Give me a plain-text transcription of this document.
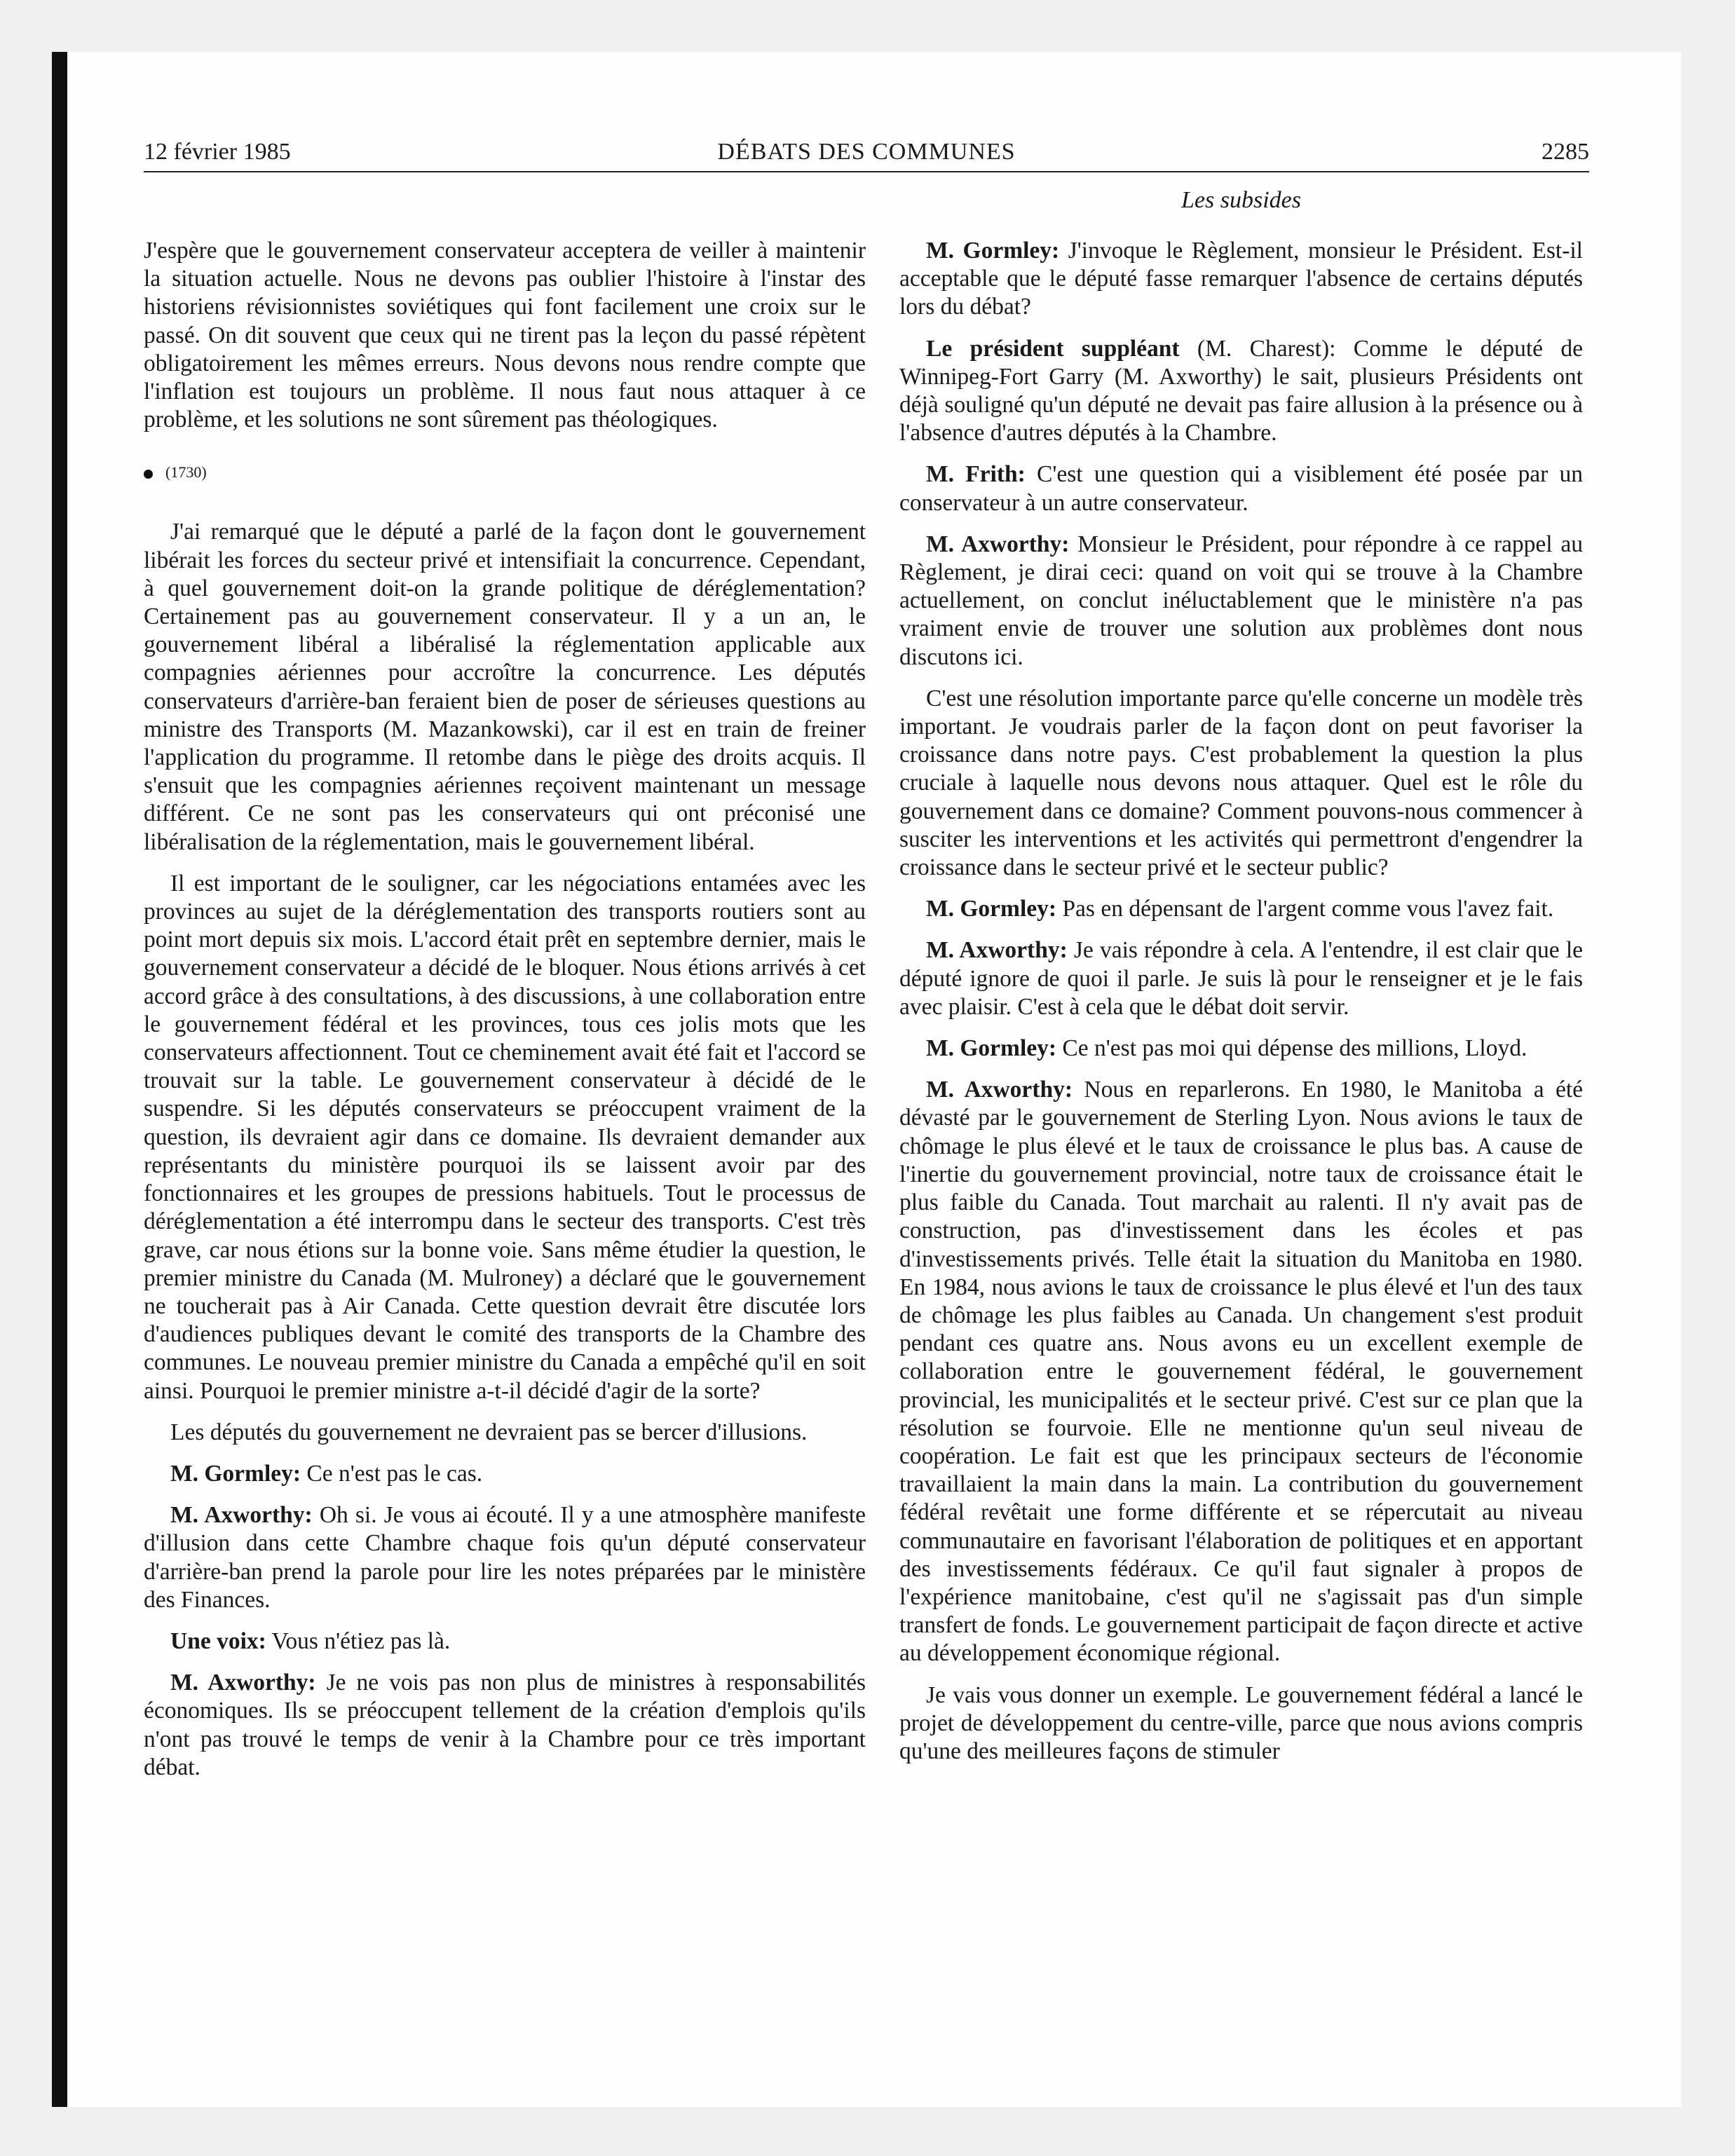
12 février 1985	DÉBATS DES COMMUNES	2285
Les subsides

J'espère que le gouvernement conservateur acceptera de veiller à maintenir la situation actuelle. Nous ne devons pas oublier l'histoire à l'instar des historiens révisionnistes soviétiques qui font facilement une croix sur le passé. On dit souvent que ceux qui ne tirent pas la leçon du passé répètent obligatoirement les mêmes erreurs. Nous devons nous rendre compte que l'inflation est toujours un problème. Il nous faut nous attaquer à ce problème, et les solutions ne sont sûrement pas théologiques.

(1730)

J'ai remarqué que le député a parlé de la façon dont le gouvernement libérait les forces du secteur privé et intensifiait la concurrence. Cependant, à quel gouvernement doit-on la grande politique de déréglementation? Certainement pas au gouvernement conservateur. Il y a un an, le gouvernement libéral a libéralisé la réglementation applicable aux compagnies aériennes pour accroître la concurrence. Les députés conservateurs d'arrière-ban feraient bien de poser de sérieuses questions au ministre des Transports (M. Mazankowski), car il est en train de freiner l'application du programme. Il retombe dans le piège des droits acquis. Il s'ensuit que les compagnies aériennes reçoivent maintenant un message différent. Ce ne sont pas les conservateurs qui ont préconisé une libéralisation de la réglementation, mais le gouvernement libéral.

Il est important de le souligner, car les négociations entamées avec les provinces au sujet de la déréglementation des transports routiers sont au point mort depuis six mois. L'accord était prêt en septembre dernier, mais le gouvernement conservateur a décidé de le bloquer. Nous étions arrivés à cet accord grâce à des consultations, à des discussions, à une collaboration entre le gouvernement fédéral et les provinces, tous ces jolis mots que les conservateurs affectionnent. Tout ce cheminement avait été fait et l'accord se trouvait sur la table. Le gouvernement conservateur à décidé de le suspendre. Si les députés conservateurs se préoccupent vraiment de la question, ils devraient agir dans ce domaine. Ils devraient demander aux représentants du ministère pourquoi ils se laissent avoir par des fonctionnaires et les groupes de pressions habituels. Tout le processus de déréglementation a été interrompu dans le secteur des transports. C'est très grave, car nous étions sur la bonne voie. Sans même étudier la question, le premier ministre du Canada (M. Mulroney) a déclaré que le gouvernement ne toucherait pas à Air Canada. Cette question devrait être discutée lors d'audiences publiques devant le comité des transports de la Chambre des communes. Le nouveau premier ministre du Canada a empêché qu'il en soit ainsi. Pourquoi le premier ministre a-t-il décidé d'agir de la sorte?

Les députés du gouvernement ne devraient pas se bercer d'illusions.

M. Gormley: Ce n'est pas le cas.

M. Axworthy: Oh si. Je vous ai écouté. Il y a une atmosphère manifeste d'illusion dans cette Chambre chaque fois qu'un député conservateur d'arrière-ban prend la parole pour lire les notes préparées par le ministère des Finances.

Une voix: Vous n'étiez pas là.

M. Axworthy: Je ne vois pas non plus de ministres à responsabilités économiques. Ils se préoccupent tellement de la création d'emplois qu'ils n'ont pas trouvé le temps de venir à la Chambre pour ce très important débat.

M. Gormley: J'invoque le Règlement, monsieur le Président. Est-il acceptable que le député fasse remarquer l'absence de certains députés lors du débat?

Le président suppléant (M. Charest): Comme le député de Winnipeg-Fort Garry (M. Axworthy) le sait, plusieurs Présidents ont déjà souligné qu'un député ne devait pas faire allusion à la présence ou à l'absence d'autres députés à la Chambre.

M. Frith: C'est une question qui a visiblement été posée par un conservateur à un autre conservateur.

M. Axworthy: Monsieur le Président, pour répondre à ce rappel au Règlement, je dirai ceci: quand on voit qui se trouve à la Chambre actuellement, on conclut inéluctablement que le ministère n'a pas vraiment envie de trouver une solution aux problèmes dont nous discutons ici.

C'est une résolution importante parce qu'elle concerne un modèle très important. Je voudrais parler de la façon dont on peut favoriser la croissance dans notre pays. C'est probablement la question la plus cruciale à laquelle nous devons nous attaquer. Quel est le rôle du gouvernement dans ce domaine? Comment pouvons-nous commencer à susciter les interventions et les activités qui permettront d'engendrer la croissance dans le secteur privé et le secteur public?

M. Gormley: Pas en dépensant de l'argent comme vous l'avez fait.

M. Axworthy: Je vais répondre à cela. A l'entendre, il est clair que le député ignore de quoi il parle. Je suis là pour le renseigner et je le fais avec plaisir. C'est à cela que le débat doit servir.

M. Gormley: Ce n'est pas moi qui dépense des millions, Lloyd.

M. Axworthy: Nous en reparlerons. En 1980, le Manitoba a été dévasté par le gouvernement de Sterling Lyon. Nous avions le taux de chômage le plus élevé et le taux de croissance le plus bas. A cause de l'inertie du gouvernement provincial, notre taux de croissance était le plus faible du Canada. Tout marchait au ralenti. Il n'y avait pas de construction, pas d'investissement dans les écoles et pas d'investissements privés. Telle était la situation du Manitoba en 1980. En 1984, nous avions le taux de croissance le plus élevé et l'un des taux de chômage les plus faibles au Canada. Un changement s'est produit pendant ces quatre ans. Nous avons eu un excellent exemple de collaboration entre le gouvernement fédéral, le gouvernement provincial, les municipalités et le secteur privé. C'est sur ce plan que la résolution se fourvoie. Elle ne mentionne qu'un seul niveau de coopération. Le fait est que les principaux secteurs de l'économie travaillaient la main dans la main. La contribution du gouvernement fédéral revêtait une forme différente et se répercutait au niveau communautaire en favorisant l'élaboration de politiques et en apportant des investissements fédéraux. Ce qu'il faut signaler à propos de l'expérience manitobaine, c'est qu'il ne s'agissait pas d'un simple transfert de fonds. Le gouvernement participait de façon directe et active au développement économique régional.

Je vais vous donner un exemple. Le gouvernement fédéral a lancé le projet de développement du centre-ville, parce que nous avions compris qu'une des meilleures façons de stimuler
